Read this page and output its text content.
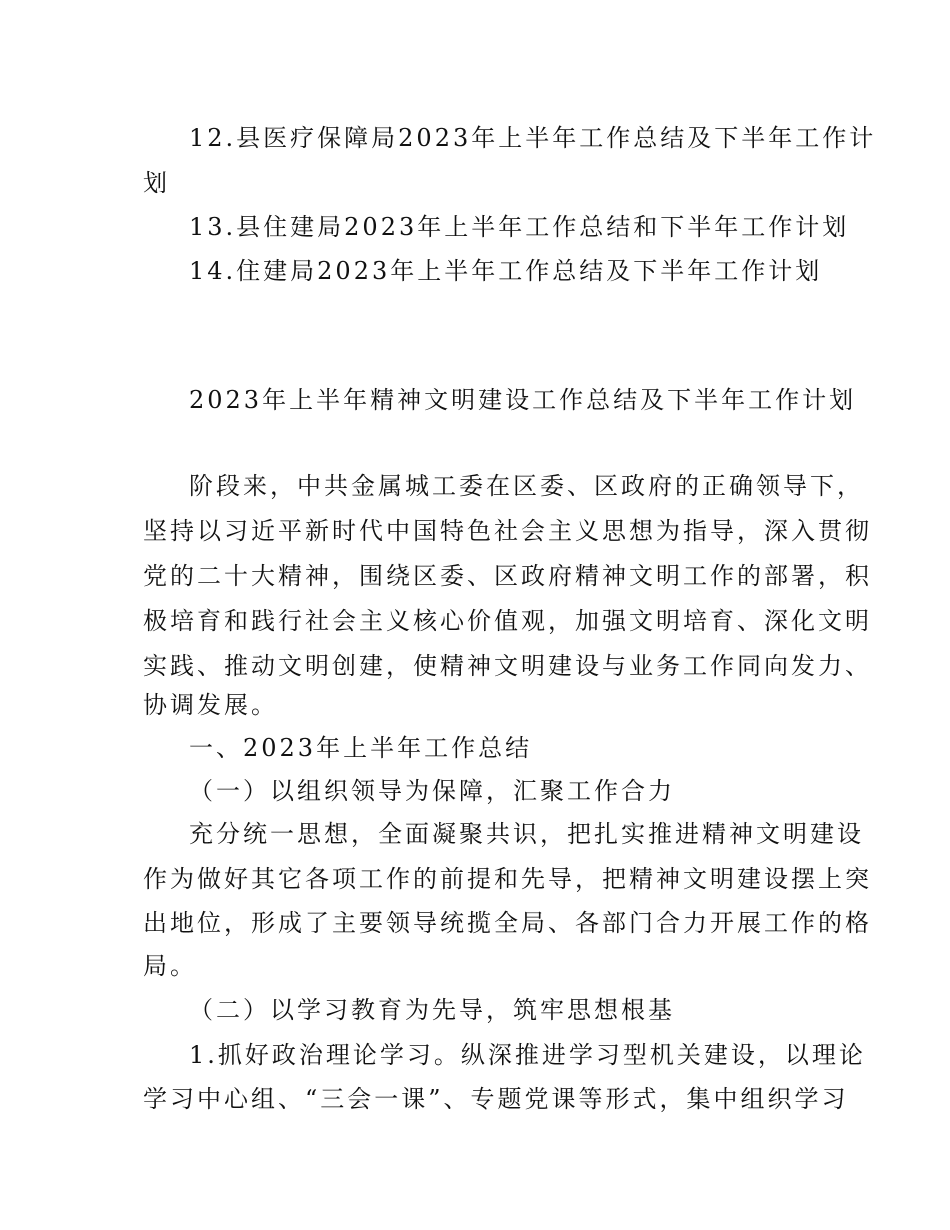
12.县医疗保障局2023年上半年工作总结及下半年工作计
划
13.县住建局2023年上半年工作总结和下半年工作计划
14.住建局2023年上半年工作总结及下半年工作计划
2023年上半年精神文明建设工作总结及下半年工作计划
阶段来，中共金属城工委在区委、区政府的正确领导下，
坚持以习近平新时代中国特色社会主义思想为指导，深入贯彻
党的二十大精神，围绕区委、区政府精神文明工作的部署，积
极培育和践行社会主义核心价值观，加强文明培育、深化文明
实践、推动文明创建，使精神文明建设与业务工作同向发力、
协调发展。
一、2023年上半年工作总结
（一）以组织领导为保障，汇聚工作合力
充分统一思想，全面凝聚共识，把扎实推进精神文明建设
作为做好其它各项工作的前提和先导，把精神文明建设摆上突
出地位，形成了主要领导统揽全局、各部门合力开展工作的格
局。
（二）以学习教育为先导，筑牢思想根基
1.抓好政治理论学习。纵深推进学习型机关建设，以理论
学习中心组、“三会一课”、专题党课等形式，集中组织学习
